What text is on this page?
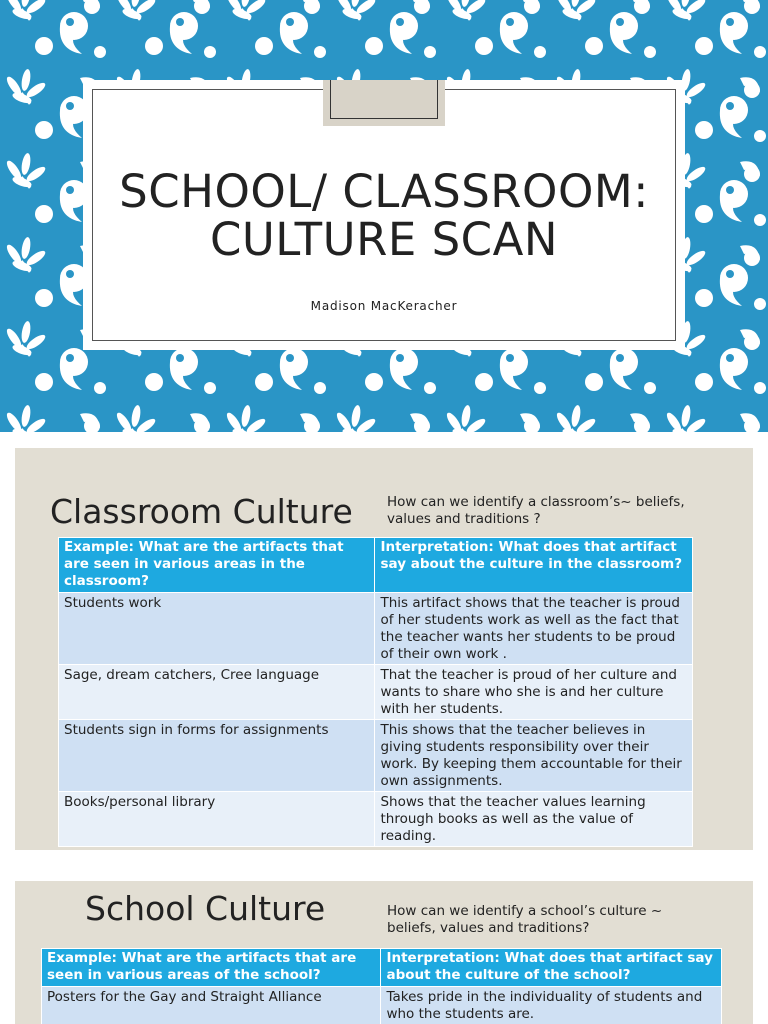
SCHOOL/ CLASSROOM:
CULTURE SCAN
Madison MacKeracher
Classroom Culture	How can we identify a classroom’s~ beliefs,
values and traditions ?
Example: What are the artifacts that are seen in various areas in the classroom?	Interpretation: What does that artifact say about the culture in the classroom?
Students work	This artifact shows that the teacher is proud of her students work as well as the fact that the teacher wants her students to be proud of their own work .
Sage, dream catchers, Cree language	That the teacher is proud of her culture and wants to share who she is and her culture with her students.
Students sign in forms for assignments	This shows that the teacher believes in giving students responsibility over their work. By keeping them accountable for their own assignments.
Books/personal library	Shows that the teacher values learning through books as well as the value of reading.
School Culture	How can we identify a school’s culture ~
beliefs, values and traditions?
Example: What are the artifacts that are seen in various areas of the school?	Interpretation: What does that artifact say about the culture of the school?
Posters for the Gay and Straight Alliance	Takes pride in the individuality of students and who the students are.
